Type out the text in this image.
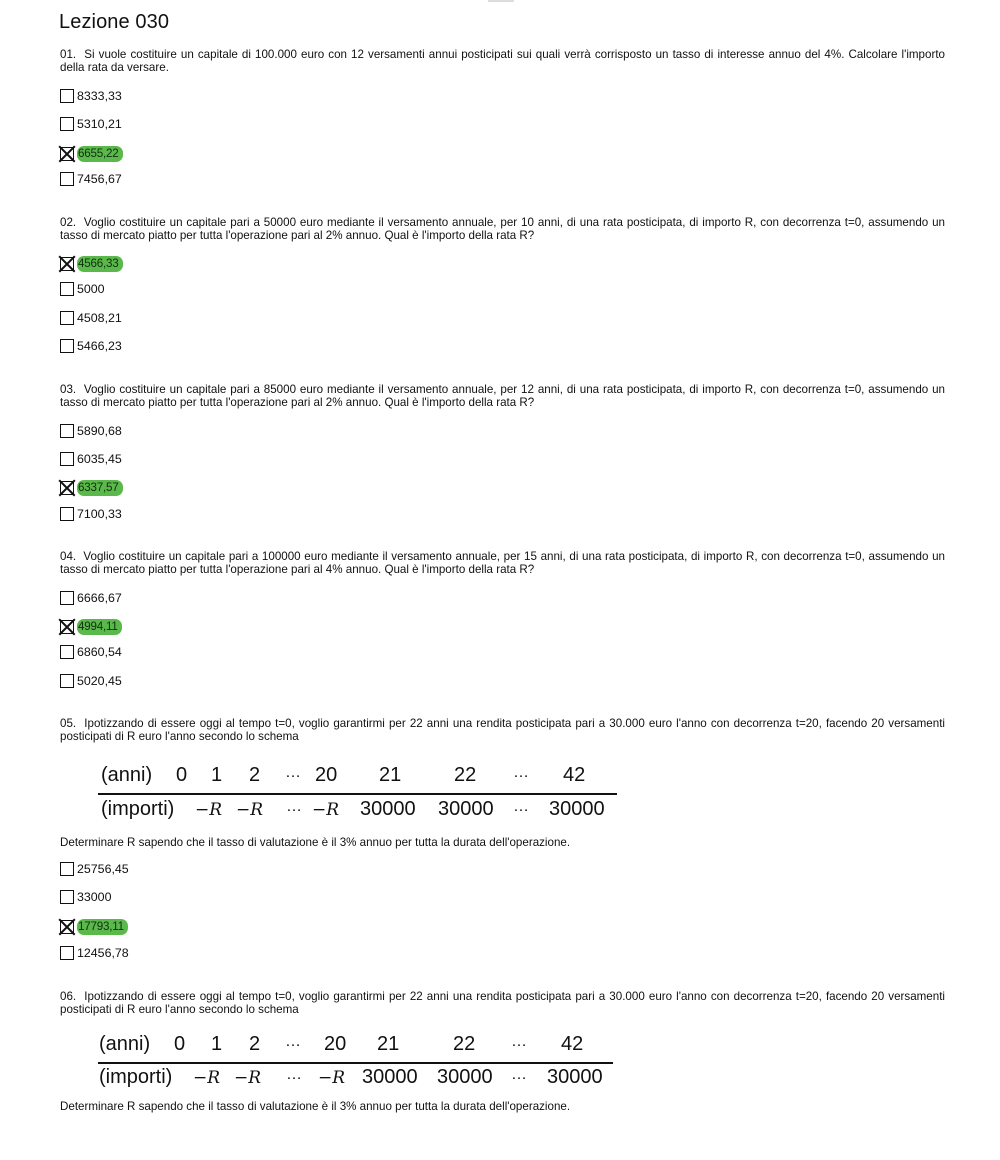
Lezione 030
01.  Si vuole costituire un capitale di 100.000 euro con 12 versamenti annui posticipati sui quali verrà corrisposto un tasso di interesse annuo del 4%. Calcolare l'importo della rata da versare.
8333,33
5310,21
6655,22
7456,67
02.  Voglio costituire un capitale pari a 50000 euro mediante il versamento annuale, per 10 anni, di una rata posticipata, di importo R, con decorrenza t=0, assumendo un tasso di mercato piatto per tutta l'operazione pari al 2% annuo. Qual è l'importo della rata R?
4566,33
5000
4508,21
5466,23
03.  Voglio costituire un capitale pari a 85000 euro mediante il versamento annuale, per 12 anni, di una rata posticipata, di importo R, con decorrenza t=0, assumendo un tasso di mercato piatto per tutta l'operazione pari al 2% annuo. Qual è l'importo della rata R?
5890,68
6035,45
6337,57
7100,33
04.  Voglio costituire un capitale pari a 100000 euro mediante il versamento annuale, per 15 anni, di una rata posticipata, di importo R, con decorrenza t=0, assumendo un tasso di mercato piatto per tutta l'operazione pari al 4% annuo. Qual è l'importo della rata R?
6666,67
4994,11
6860,54
5020,45
05.  Ipotizzando di essere oggi al tempo t=0, voglio garantirmi per 22 anni una rendita posticipata pari a 30.000 euro l'anno con decorrenza t=20, facendo 20 versamenti posticipati di R euro l'anno secondo lo schema
(anni) 0 1 2 … 20 21	22 … 42
(importi) −R −R … −R 30000 30000 … 30000
Determinare R sapendo che il tasso di valutazione è il 3% annuo per tutta la durata dell'operazione.
25756,45
33000
17793,11
12456,78
06.  Ipotizzando di essere oggi al tempo t=0, voglio garantirmi per 22 anni una rendita posticipata pari a 30.000 euro l'anno con decorrenza t=20, facendo 20 versamenti posticipati di R euro l'anno secondo lo schema
(anni) 0 1 2 … 20 21	22 … 42
(importi) −R −R … −R 30000 30000 … 30000
Determinare R sapendo che il tasso di valutazione è il 3% annuo per tutta la durata dell'operazione.
